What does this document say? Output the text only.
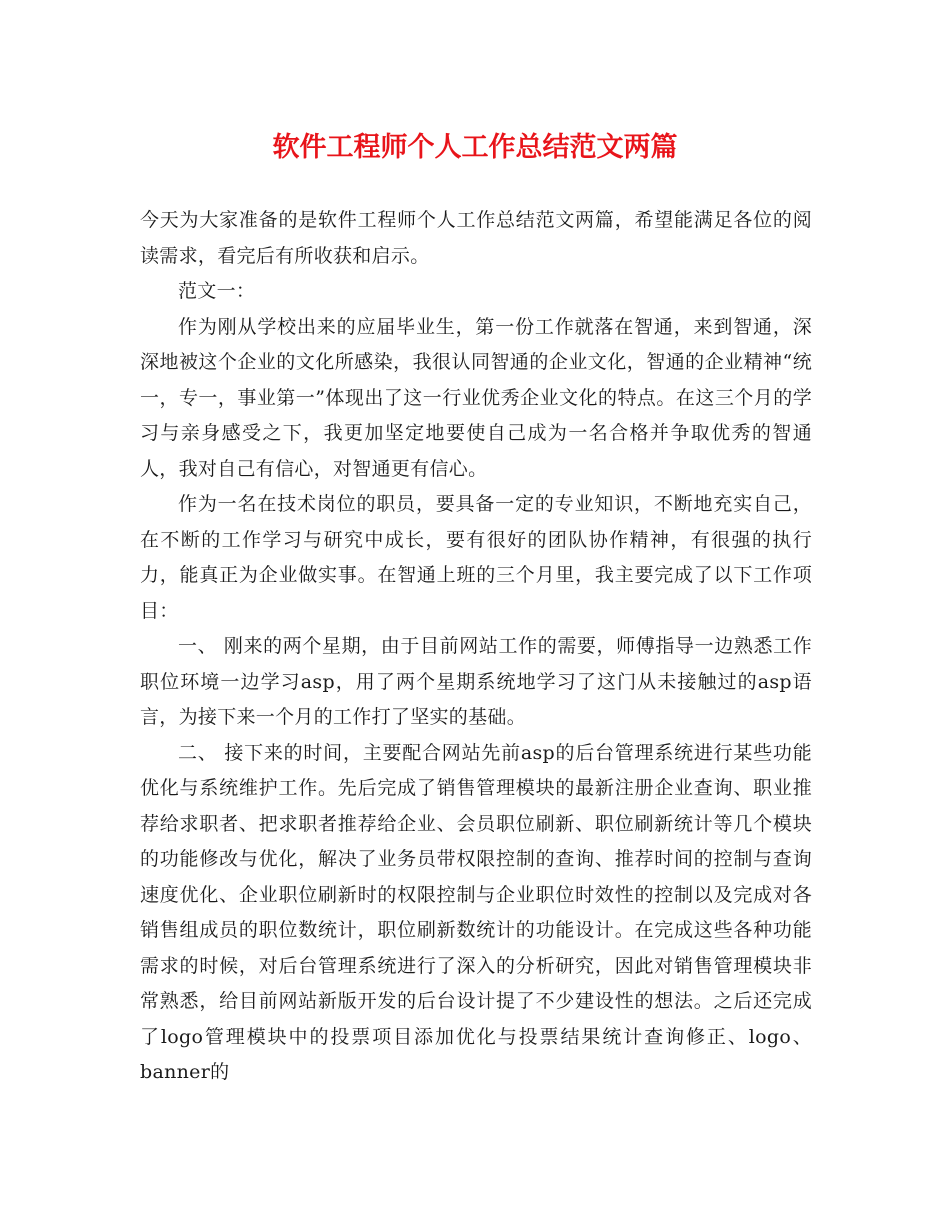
软件工程师个人工作总结范文两篇

今天为大家准备的是软件工程师个人工作总结范文两篇，希望能满足各位的阅读需求，看完后有所收获和启示。

范文一：

作为刚从学校出来的应届毕业生，第一份工作就落在智通，来到智通，深深地被这个企业的文化所感染，我很认同智通的企业文化，智通的企业精神“统一，专一，事业第一”体现出了这一行业优秀企业文化的特点。在这三个月的学习与亲身感受之下，我更加坚定地要使自己成为一名合格并争取优秀的智通人，我对自己有信心，对智通更有信心。

作为一名在技术岗位的职员，要具备一定的专业知识，不断地充实自己，在不断的工作学习与研究中成长，要有很好的团队协作精神，有很强的执行力，能真正为企业做实事。在智通上班的三个月里，我主要完成了以下工作项目：

一、 刚来的两个星期，由于目前网站工作的需要，师傅指导一边熟悉工作职位环境一边学习asp，用了两个星期系统地学习了这门从未接触过的asp语言，为接下来一个月的工作打了坚实的基础。

二、 接下来的时间，主要配合网站先前asp的后台管理系统进行某些功能优化与系统维护工作。先后完成了销售管理模块的最新注册企业查询、职业推荐给求职者、把求职者推荐给企业、会员职位刷新、职位刷新统计等几个模块的功能修改与优化，解决了业务员带权限控制的查询、推荐时间的控制与查询速度优化、企业职位刷新时的权限控制与企业职位时效性的控制以及完成对各销售组成员的职位数统计，职位刷新数统计的功能设计。在完成这些各种功能需求的时候，对后台管理系统进行了深入的分析研究，因此对销售管理模块非常熟悉，给目前网站新版开发的后台设计提了不少建设性的想法。之后还完成了logo管理模块中的投票项目添加优化与投票结果统计查询修正、logo、banner的
